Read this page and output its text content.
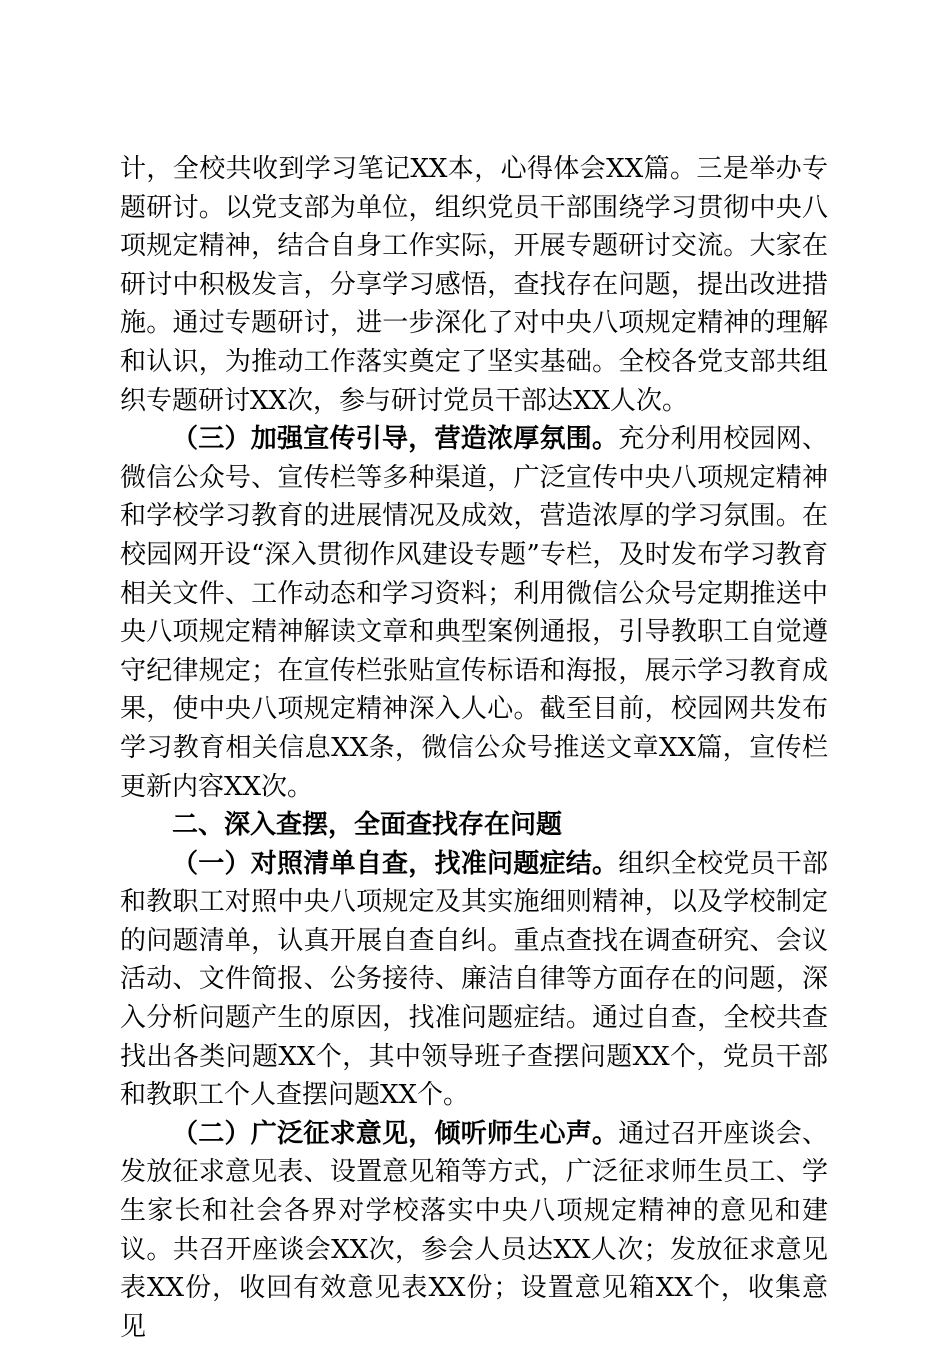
计，全校共收到学习笔记XX本，心得体会XX篇。三是举办专题研讨。以党支部为单位，组织党员干部围绕学习贯彻中央八项规定精神，结合自身工作实际，开展专题研讨交流。大家在研讨中积极发言，分享学习感悟，查找存在问题，提出改进措施。通过专题研讨，进一步深化了对中央八项规定精神的理解和认识，为推动工作落实奠定了坚实基础。全校各党支部共组织专题研讨XX次，参与研讨党员干部达XX人次。

（三）加强宣传引导，营造浓厚氛围。充分利用校园网、微信公众号、宣传栏等多种渠道，广泛宣传中央八项规定精神和学校学习教育的进展情况及成效，营造浓厚的学习氛围。在校园网开设“深入贯彻作风建设专题”专栏，及时发布学习教育相关文件、工作动态和学习资料；利用微信公众号定期推送中央八项规定精神解读文章和典型案例通报，引导教职工自觉遵守纪律规定；在宣传栏张贴宣传标语和海报，展示学习教育成果，使中央八项规定精神深入人心。截至目前，校园网共发布学习教育相关信息XX条，微信公众号推送文章XX篇，宣传栏更新内容XX次。

二、深入查摆，全面查找存在问题

（一）对照清单自查，找准问题症结。组织全校党员干部和教职工对照中央八项规定及其实施细则精神，以及学校制定的问题清单，认真开展自查自纠。重点查找在调查研究、会议活动、文件简报、公务接待、廉洁自律等方面存在的问题，深入分析问题产生的原因，找准问题症结。通过自查，全校共查找出各类问题XX个，其中领导班子查摆问题XX个，党员干部和教职工个人查摆问题XX个。

（二）广泛征求意见，倾听师生心声。通过召开座谈会、发放征求意见表、设置意见箱等方式，广泛征求师生员工、学生家长和社会各界对学校落实中央八项规定精神的意见和建议。共召开座谈会XX次，参会人员达XX人次；发放征求意见表XX份，收回有效意见表XX份；设置意见箱XX个，收集意见
